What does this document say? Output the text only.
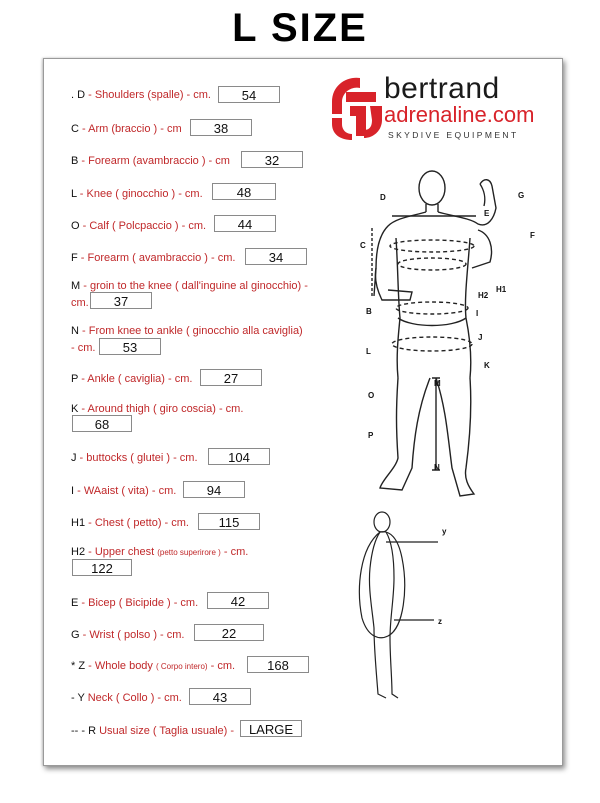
L SIZE
bertrand
adrenaline.com
SKYDIVE EQUIPMENT
. D - Shoulders (spalle) - cm.	54
C - Arm (braccio ) - cm	38
B - Forearm (avambraccio ) - cm	32
L - Knee ( ginocchio ) - cm.	48
O - Calf ( Polcpaccio ) - cm.	44
F - Forearm ( avambraccio ) - cm.	34
M - groin to the knee ( dall'inguine al ginocchio) -
cm.	37
N - From knee to ankle ( ginocchio alla caviglia)
- cm.	53
P - Ankle ( caviglia) - cm.	27
K - Around thigh ( giro coscia) - cm.
68
J - buttocks ( glutei ) - cm.	104
I - WAaist ( vita) - cm.	94
H1 - Chest ( petto) - cm.	115
H2 - Upper chest (petto superirore ) - cm.
122
E - Bicep ( Bicipide ) - cm.	42
G - Wrist ( polso ) - cm.	22
* Z - Whole body ( Corpo intero) - cm.	168
- Y Neck ( Collo ) - cm.	43
-- - R Usual size ( Taglia usuale) -	LARGE
D
E
G
C
F
H1
H2
B	I
J
K
L
M
O
P
N
y
z
